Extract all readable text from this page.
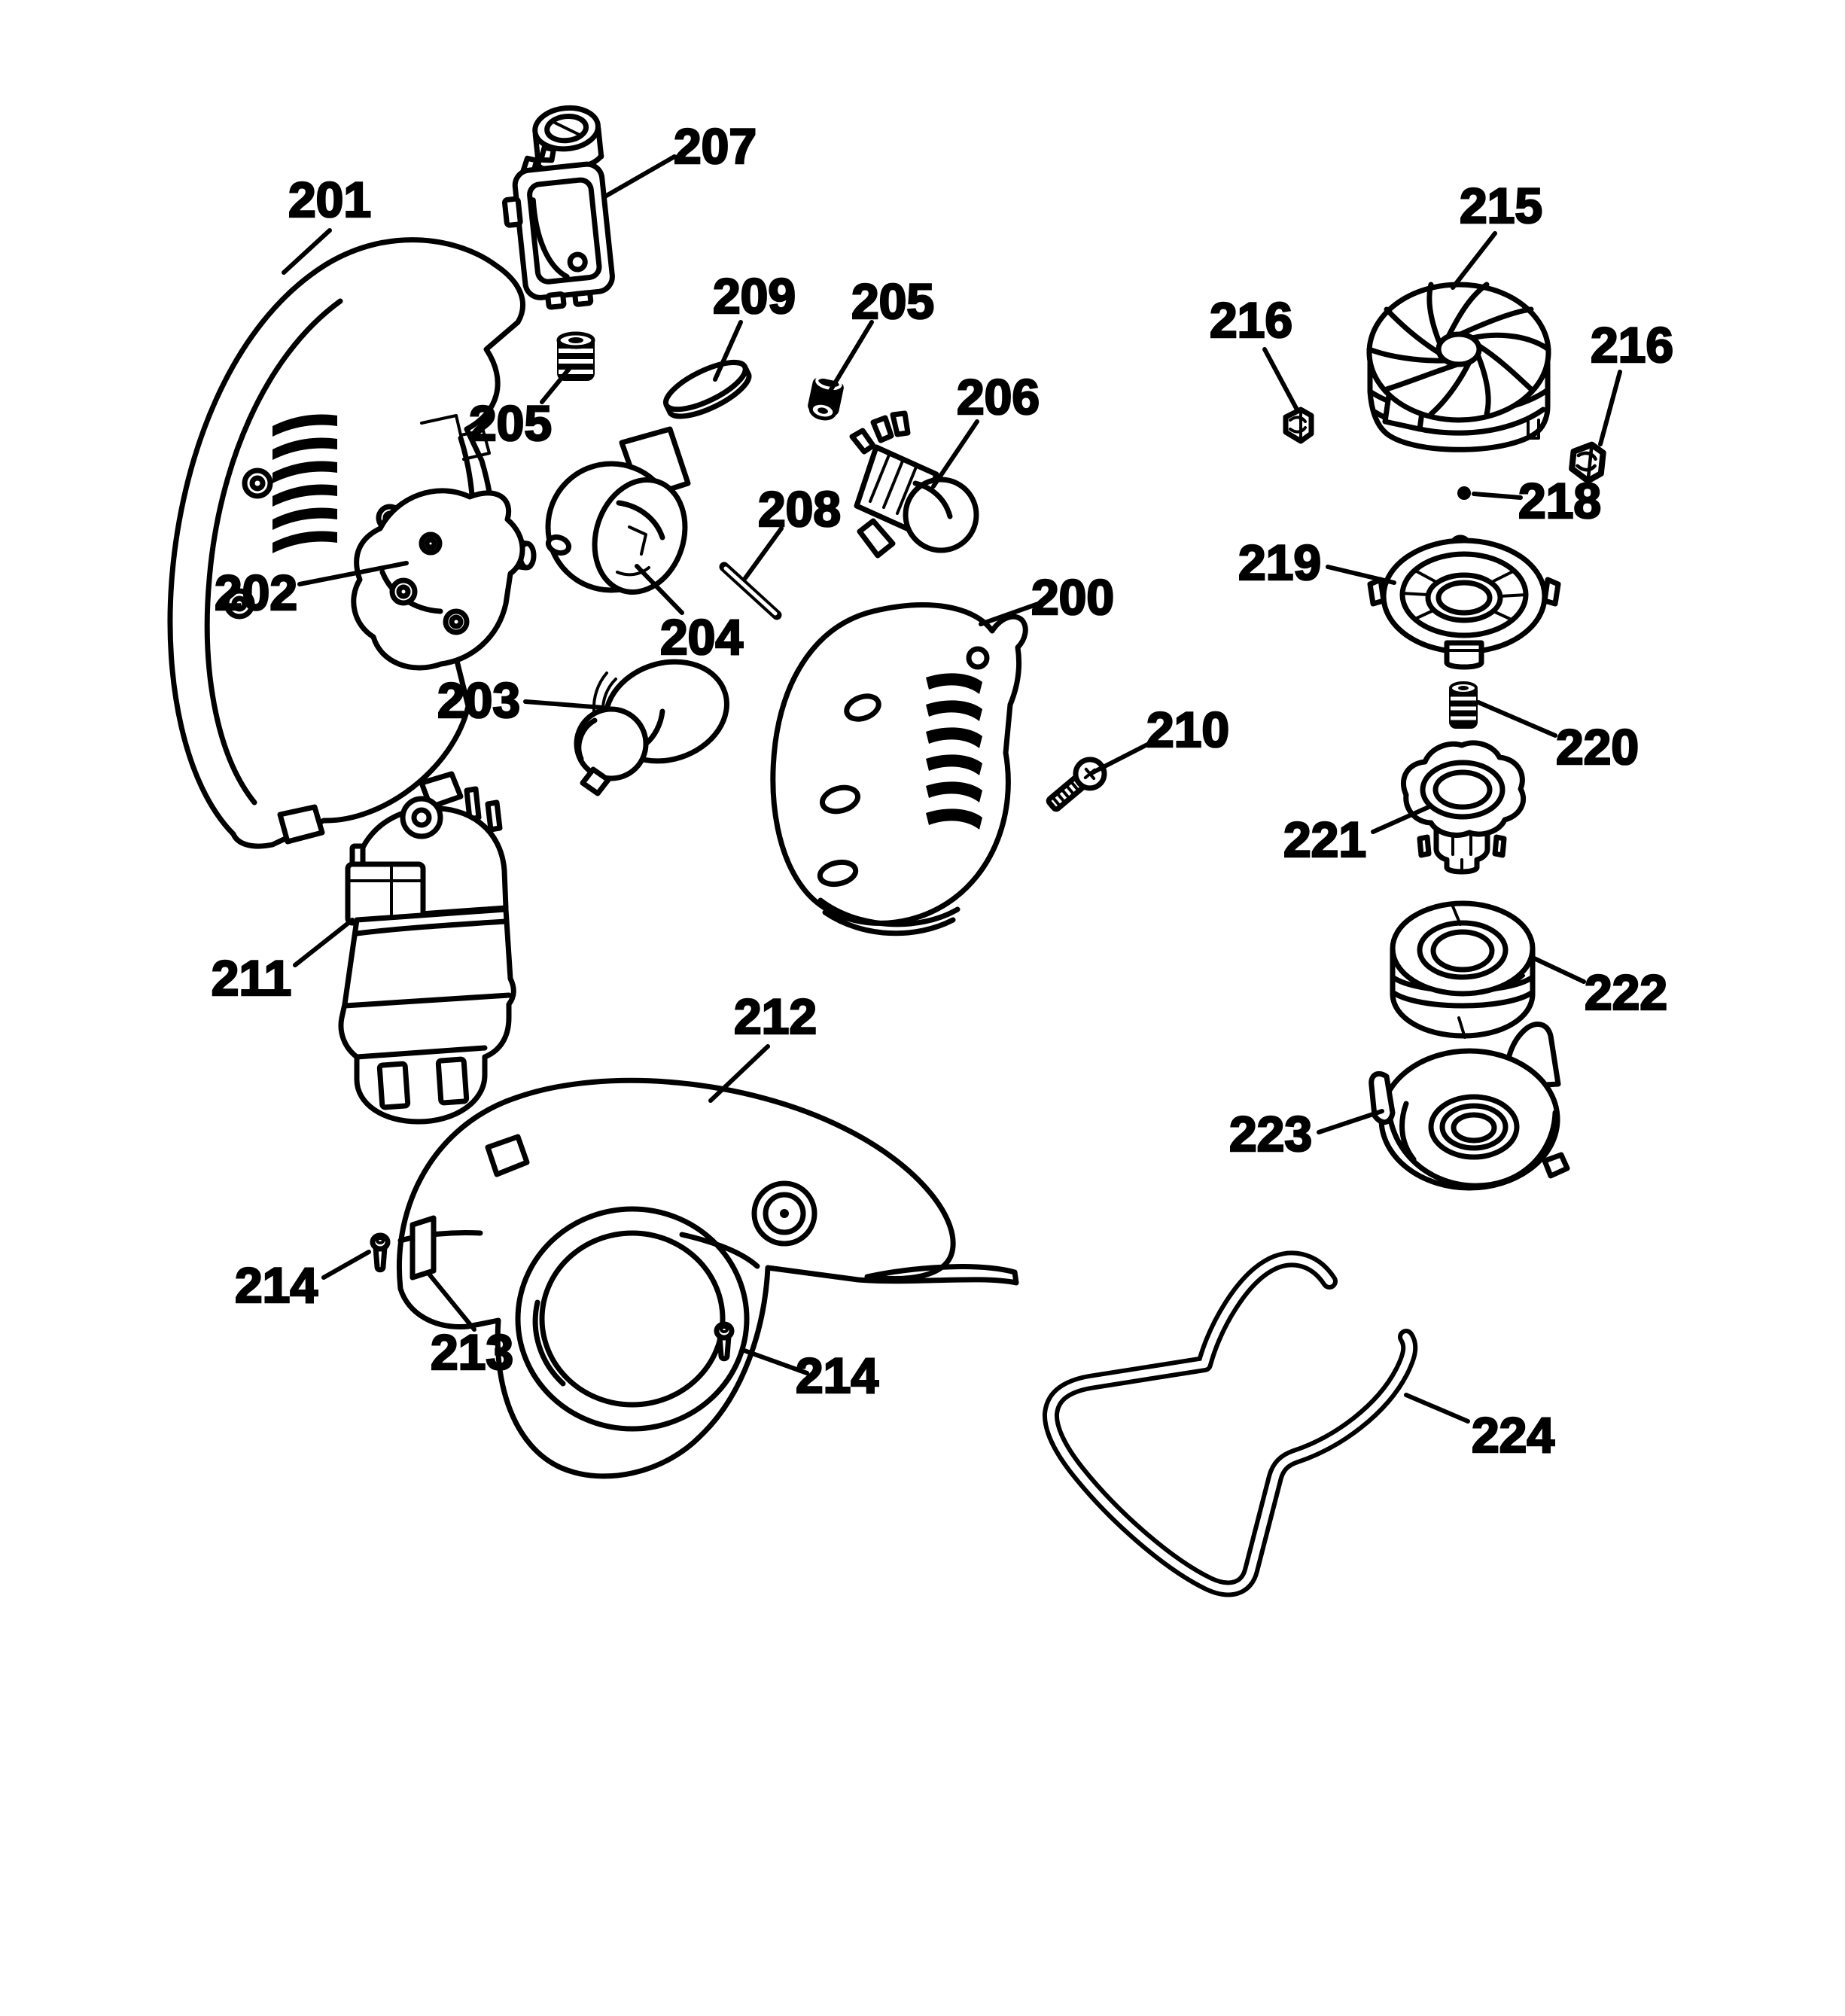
200
201
202
203
204
205
205
206
207
208
209
210
211
212
213
214
214
215
216	216
218
219
220
221
222
223
224
